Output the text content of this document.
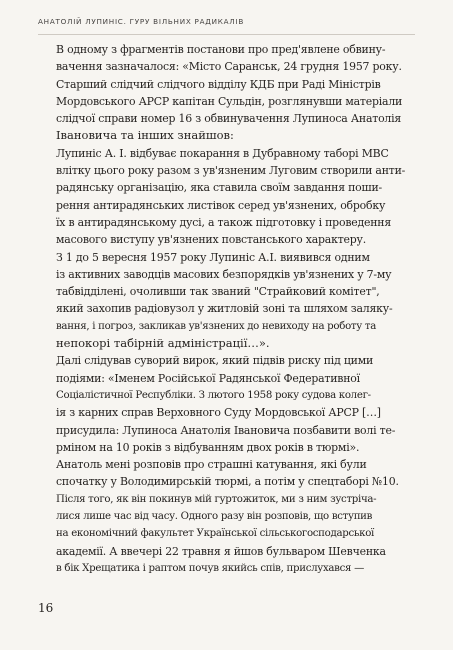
АНАТОЛІЙ ЛУПИНІС. ГУРУ ВІЛЬНИХ РАДИКАЛІВ

В одному з фрагментів постанови про пред'явлене обвину-
вачення зазначалося: «Місто Саранськ, 24 грудня 1957 року.
Старший слідчий слідчого відділу КДБ при Раді Міністрів
Мордовського АРСР капітан Сульдін, розглянувши матеріали
слідчої справи номер 16 з обвинувачення Лупиноса Анатолія
Івановича та інших знайшов:

Лупиніс А. І. відбуває покарання в Дубравному таборі МВС
влітку цього року разом з ув'язненим Луговим створили анти-
радянську організацію, яка ставила своїм завдання поши-
рення антирадянських листівок серед ув'язнених, обробку
їх в антирадянському дусі, а також підготовку і проведення
масового виступу ув'язнених повстанського характеру.

З 1 до 5 вересня 1957 року Лупиніс А.І. виявився одним
із активних заводців масових безпорядків ув'язнених у 7-му
табвідділені, очоливши так званий "Страйковий комітет",
який захопив радіовузол у житловій зоні та шляхом заляку-
вання, і погроз, закликав ув'язнених до невиходу на роботу та
непокорі табірній адміністрації…».

Далі слідував суворий вирок, який підвів риску під цими
подіями: «Іменем Російської Радянської Федеративної
Соціалістичної Республіки. З лютого 1958 року судова колег-
ія з карних справ Верховного Суду Мордовської АРСР […]
присудила: Лупиноса Анатолія Івановича позбавити волі те-
рміном на 10 років з відбуванням двох років в тюрмі».

Анатоль мені розповів про страшні катування, які були
спочатку у Володимирській тюрмі, а потім у спецтаборі №10.
Після того, як він покинув мій гуртожиток, ми з ним зустріча-
лися лише час від часу. Одного разу він розповів, що вступив
на економічний факультет Української сільськогосподарської
академії. А ввечері 22 травня я йшов бульваром Шевченка
в бік Хрещатика і раптом почув якийсь спів, прислухався —

16
